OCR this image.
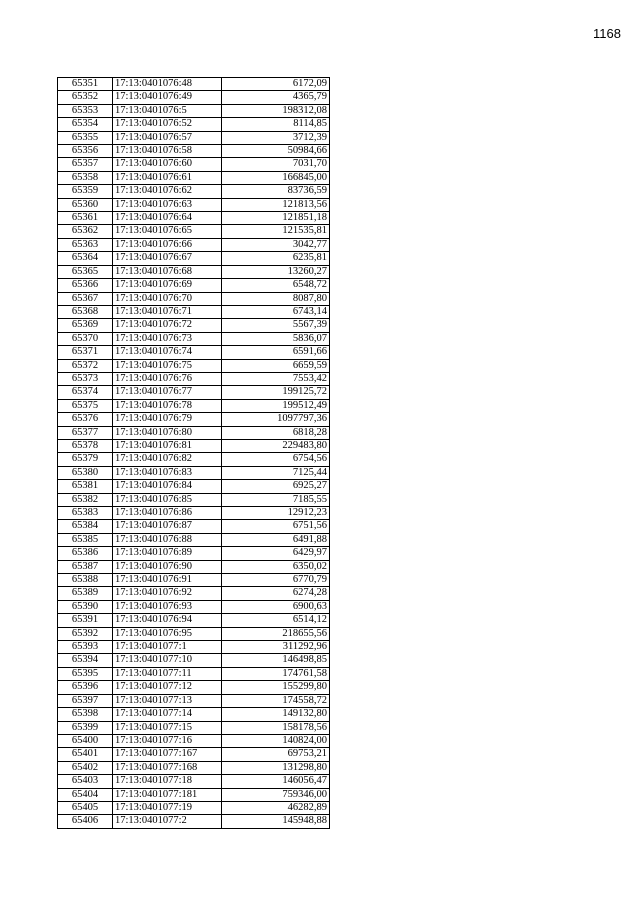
1168
65351	17:13:0401076:48	6172,09
65352	17:13:0401076:49	4365,79
65353	17:13:0401076:5	198312,08
65354	17:13:0401076:52	8114,85
65355	17:13:0401076:57	3712,39
65356	17:13:0401076:58	50984,66
65357	17:13:0401076:60	7031,70
65358	17:13:0401076:61	166845,00
65359	17:13:0401076:62	83736,59
65360	17:13:0401076:63	121813,56
65361	17:13:0401076:64	121851,18
65362	17:13:0401076:65	121535,81
65363	17:13:0401076:66	3042,77
65364	17:13:0401076:67	6235,81
65365	17:13:0401076:68	13260,27
65366	17:13:0401076:69	6548,72
65367	17:13:0401076:70	8087,80
65368	17:13:0401076:71	6743,14
65369	17:13:0401076:72	5567,39
65370	17:13:0401076:73	5836,07
65371	17:13:0401076:74	6591,66
65372	17:13:0401076:75	6659,59
65373	17:13:0401076:76	7553,42
65374	17:13:0401076:77	199125,72
65375	17:13:0401076:78	199512,49
65376	17:13:0401076:79	1097797,36
65377	17:13:0401076:80	6818,28
65378	17:13:0401076:81	229483,80
65379	17:13:0401076:82	6754,56
65380	17:13:0401076:83	7125,44
65381	17:13:0401076:84	6925,27
65382	17:13:0401076:85	7185,55
65383	17:13:0401076:86	12912,23
65384	17:13:0401076:87	6751,56
65385	17:13:0401076:88	6491,88
65386	17:13:0401076:89	6429,97
65387	17:13:0401076:90	6350,02
65388	17:13:0401076:91	6770,79
65389	17:13:0401076:92	6274,28
65390	17:13:0401076:93	6900,63
65391	17:13:0401076:94	6514,12
65392	17:13:0401076:95	218655,56
65393	17:13:0401077:1	311292,96
65394	17:13:0401077:10	146498,85
65395	17:13:0401077:11	174761,58
65396	17:13:0401077:12	155299,80
65397	17:13:0401077:13	174558,72
65398	17:13:0401077:14	149132,80
65399	17:13:0401077:15	158178,56
65400	17:13:0401077:16	140824,00
65401	17:13:0401077:167	69753,21
65402	17:13:0401077:168	131298,80
65403	17:13:0401077:18	146056,47
65404	17:13:0401077:181	759346,00
65405	17:13:0401077:19	46282,89
65406	17:13:0401077:2	145948,88
